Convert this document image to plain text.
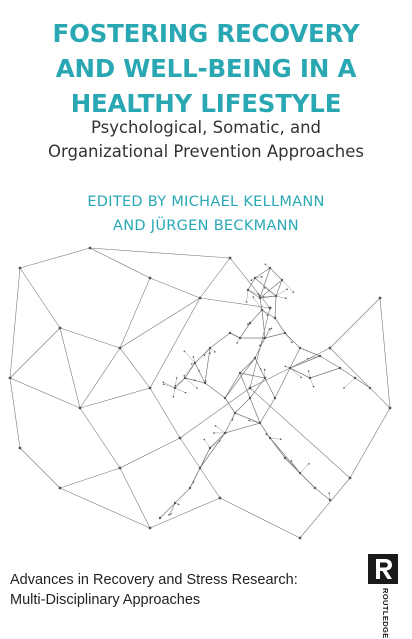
FOSTERING RECOVERY
AND WELL-BEING IN A
HEALTHY LIFESTYLE
Psychological, Somatic, and
Organizational Prevention Approaches
EDITED BY MICHAEL KELLMANN
AND JÜRGEN BECKMANN
Advances in Recovery and Stress Research:
Multi-Disciplinary Approaches	ROUTLEDGE
